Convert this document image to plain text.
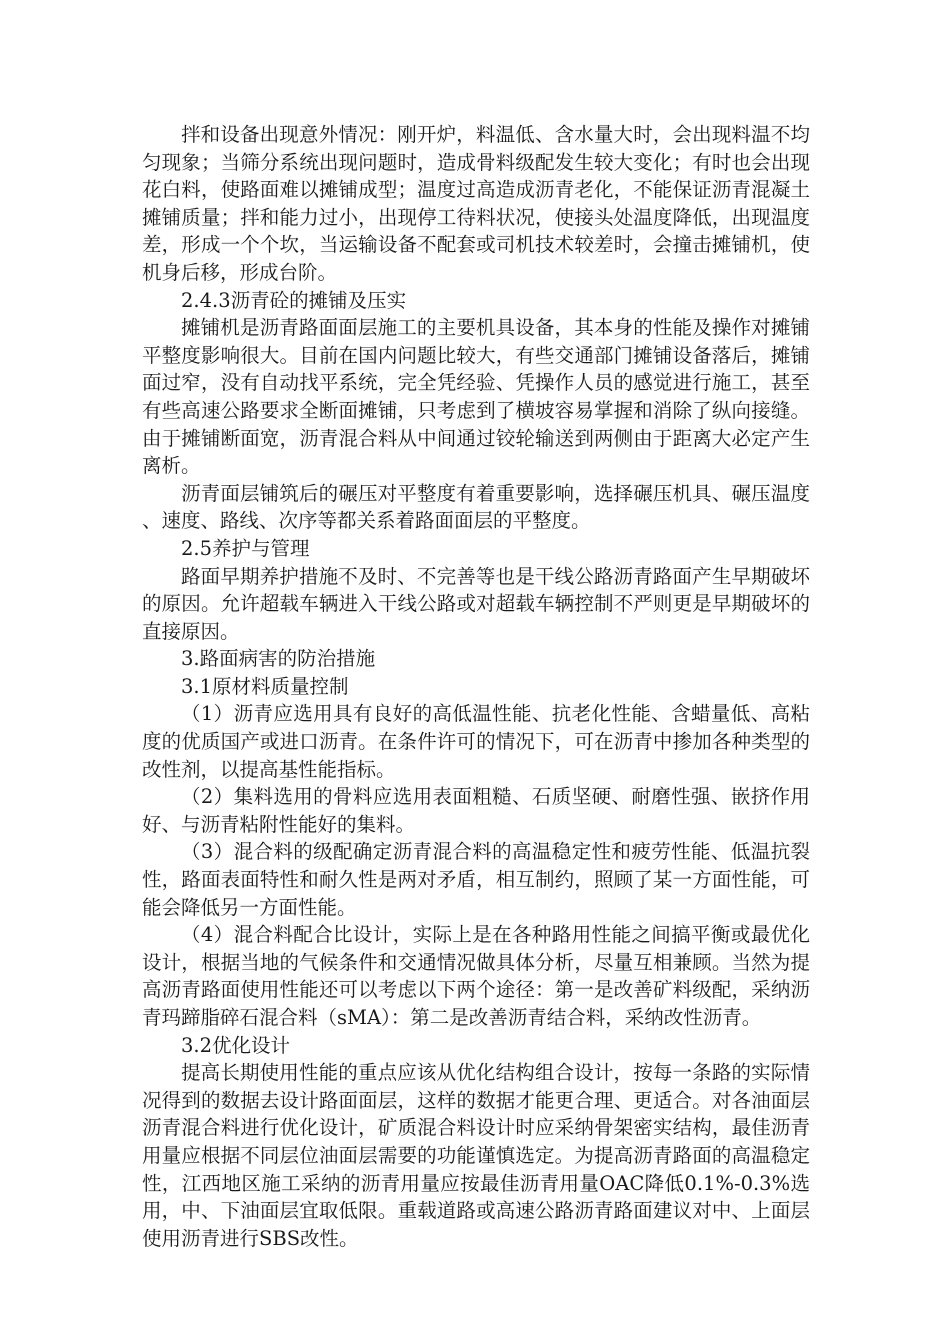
拌和设备出现意外情况：刚开炉，料温低、含水量大时，会出现料温不均匀现象；当筛分系统出现问题时，造成骨料级配发生较大变化；有时也会出现花白料，使路面难以摊铺成型；温度过高造成沥青老化，不能保证沥青混凝土摊铺质量；拌和能力过小，出现停工待料状况，使接头处温度降低，出现温度差，形成一个个坎，当运输设备不配套或司机技术较差时，会撞击摊铺机，使机身后移，形成台阶。

2.4.3沥青砼的摊铺及压实

摊铺机是沥青路面面层施工的主要机具设备，其本身的性能及操作对摊铺平整度影响很大。目前在国内问题比较大，有些交通部门摊铺设备落后，摊铺面过窄，没有自动找平系统，完全凭经验、凭操作人员的感觉进行施工，甚至有些高速公路要求全断面摊铺，只考虑到了横坡容易掌握和消除了纵向接缝。由于摊铺断面宽，沥青混合料从中间通过铰轮输送到两侧由于距离大必定产生离析。

沥青面层铺筑后的碾压对平整度有着重要影响，选择碾压机具、碾压温度、速度、路线、次序等都关系着路面面层的平整度。

2.5养护与管理

路面早期养护措施不及时、不完善等也是干线公路沥青路面产生早期破坏的原因。允许超载车辆进入干线公路或对超载车辆控制不严则更是早期破坏的直接原因。

3.路面病害的防治措施

3.1原材料质量控制

（1）沥青应选用具有良好的高低温性能、抗老化性能、含蜡量低、高粘度的优质国产或进口沥青。在条件许可的情况下，可在沥青中掺加各种类型的改性剂，以提高基性能指标。

（2）集料选用的骨料应选用表面粗糙、石质坚硬、耐磨性强、嵌挤作用好、与沥青粘附性能好的集料。

（3）混合料的级配确定沥青混合料的高温稳定性和疲劳性能、低温抗裂性，路面表面特性和耐久性是两对矛盾，相互制约，照顾了某一方面性能，可能会降低另一方面性能。

（4）混合料配合比设计，实际上是在各种路用性能之间搞平衡或最优化设计，根据当地的气候条件和交通情况做具体分析，尽量互相兼顾。当然为提高沥青路面使用性能还可以考虑以下两个途径：第一是改善矿料级配，采纳沥青玛蹄脂碎石混合料（sMA）：第二是改善沥青结合料，采纳改性沥青。

3.2优化设计

提高长期使用性能的重点应该从优化结构组合设计，按每一条路的实际情况得到的数据去设计路面面层，这样的数据才能更合理、更适合。对各油面层沥青混合料进行优化设计，矿质混合料设计时应采纳骨架密实结构，最佳沥青用量应根据不同层位油面层需要的功能谨慎选定。为提高沥青路面的高温稳定性，江西地区施工采纳的沥青用量应按最佳沥青用量OAC降低0.1%-0.3%选用，中、下油面层宜取低限。重载道路或高速公路沥青路面建议对中、上面层使用沥青进行SBS改性。
